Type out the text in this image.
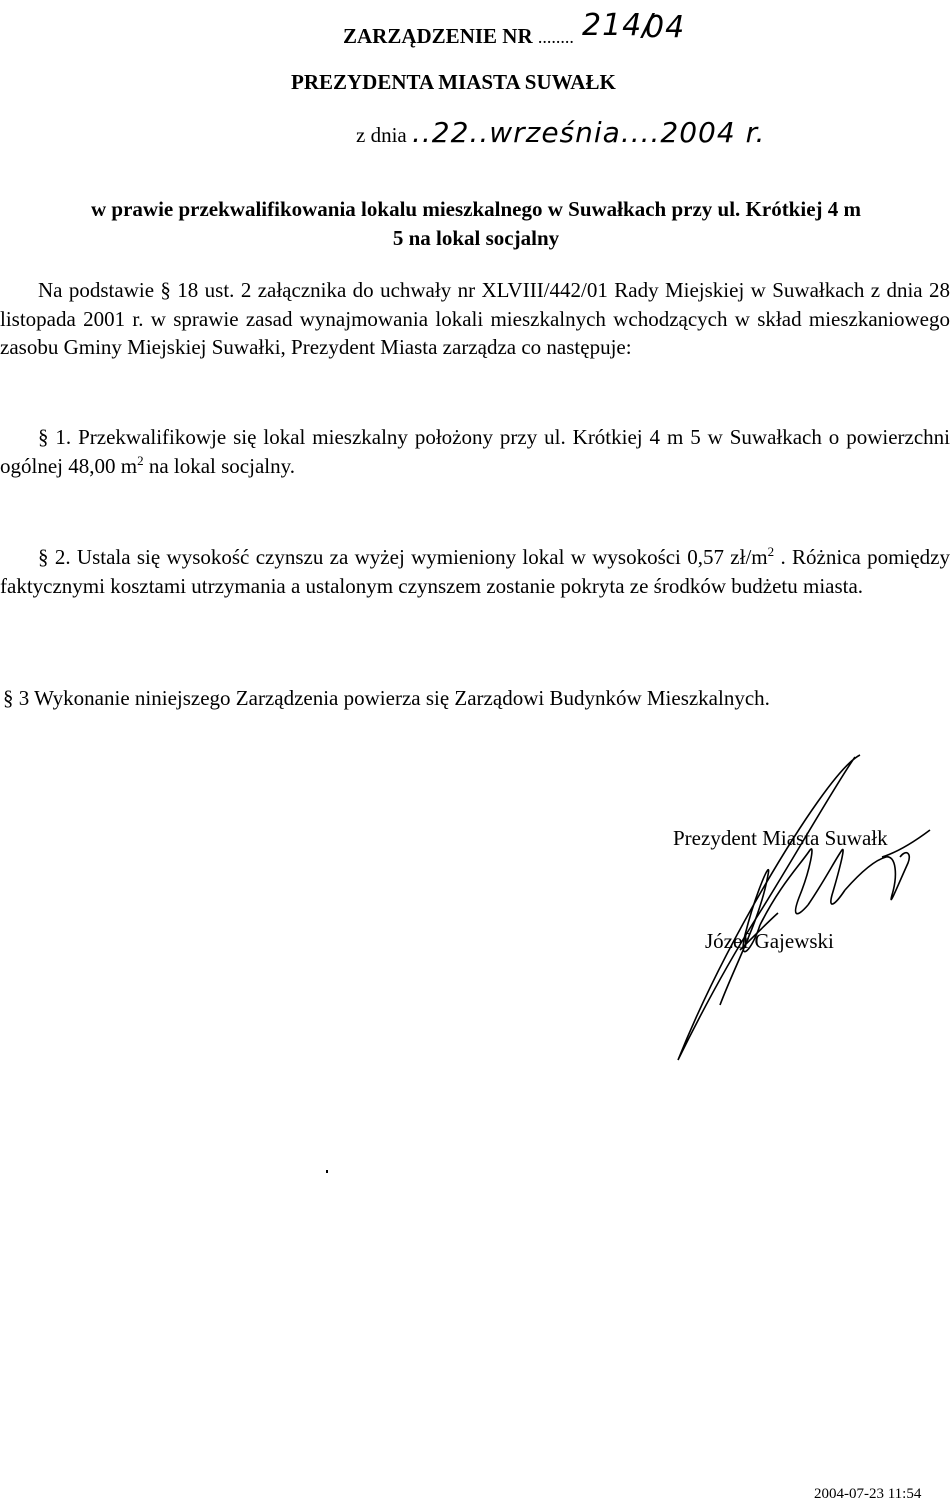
ZARZĄDZENIE NR ........ 214/
04
PREZYDENTA MIASTA SUWAŁK
z dnia ..22..września....2004 r.
w prawie przekwalifikowania lokalu mieszkalnego w Suwałkach przy ul. Krótkiej 4 m
5 na lokal socjalny
Na podstawie § 18 ust. 2 załącznika do uchwały nr XLVIII/442/01 Rady Miejskiej w Suwałkach z dnia 28 listopada 2001 r. w sprawie zasad wynajmowania lokali mieszkalnych wchodzących w skład mieszkaniowego zasobu Gminy Miejskiej Suwałki, Prezydent Miasta zarządza co następuje:
§ 1. Przekwalifikowje się lokal mieszkalny położony przy ul. Krótkiej 4 m 5 w Suwałkach o powierzchni ogólnej 48,00 $m^2$ na lokal socjalny.
§ 2. Ustala się wysokość czynszu za wyżej wymieniony lokal w wysokości 0,57 $zł/m^2$ . Różnica pomiędzy faktycznymi kosztami utrzymania a ustalonym czynszem zostanie pokryta ze środków budżetu miasta.
§ 3 Wykonanie niniejszego Zarządzenia powierza się Zarządowi Budynków Mieszkalnych.
Prezydent Miasta Suwałk
Józef Gajewski
2004-07-23 11:54
